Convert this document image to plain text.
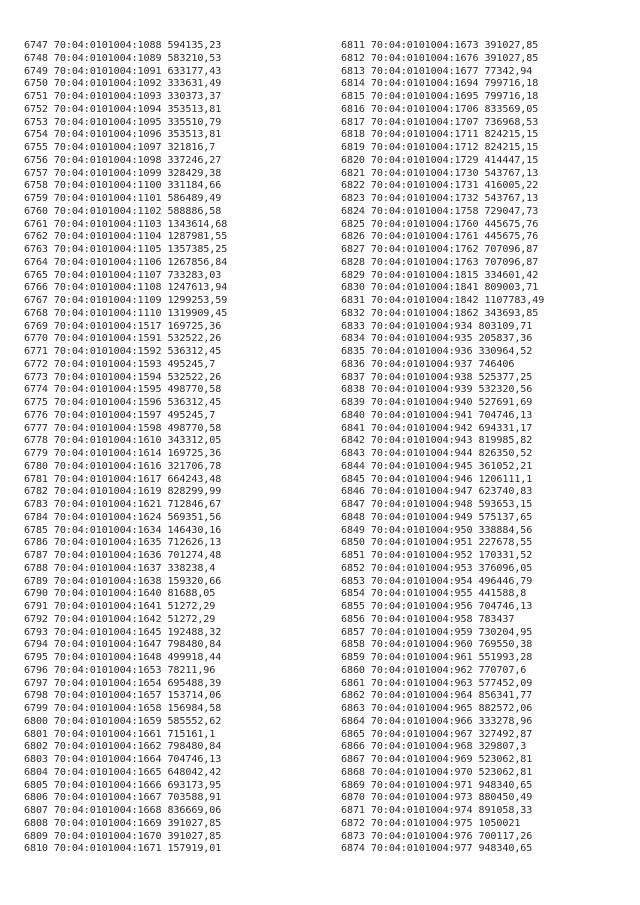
6747 70:04:0101004:1088 594135,23
6748 70:04:0101004:1089 583210,53
6749 70:04:0101004:1091 633177,43
6750 70:04:0101004:1092 333631,49
6751 70:04:0101004:1093 330373,37
6752 70:04:0101004:1094 353513,81
6753 70:04:0101004:1095 335510,79
6754 70:04:0101004:1096 353513,81
6755 70:04:0101004:1097 321816,7
6756 70:04:0101004:1098 337246,27
6757 70:04:0101004:1099 328429,38
6758 70:04:0101004:1100 331184,66
6759 70:04:0101004:1101 586489,49
6760 70:04:0101004:1102 588886,58
6761 70:04:0101004:1103 1343614,68
6762 70:04:0101004:1104 1287981,55
6763 70:04:0101004:1105 1357385,25
6764 70:04:0101004:1106 1267856,84
6765 70:04:0101004:1107 733283,03
6766 70:04:0101004:1108 1247613,94
6767 70:04:0101004:1109 1299253,59
6768 70:04:0101004:1110 1319909,45
6769 70:04:0101004:1517 169725,36
6770 70:04:0101004:1591 532522,26
6771 70:04:0101004:1592 536312,45
6772 70:04:0101004:1593 495245,7
6773 70:04:0101004:1594 532522,26
6774 70:04:0101004:1595 498770,58
6775 70:04:0101004:1596 536312,45
6776 70:04:0101004:1597 495245,7
6777 70:04:0101004:1598 498770,58
6778 70:04:0101004:1610 343312,05
6779 70:04:0101004:1614 169725,36
6780 70:04:0101004:1616 321706,78
6781 70:04:0101004:1617 664243,48
6782 70:04:0101004:1619 828299,99
6783 70:04:0101004:1621 712846,67
6784 70:04:0101004:1624 569351,56
6785 70:04:0101004:1634 146430,16
6786 70:04:0101004:1635 712626,13
6787 70:04:0101004:1636 701274,48
6788 70:04:0101004:1637 338238,4
6789 70:04:0101004:1638 159320,66
6790 70:04:0101004:1640 81688,05
6791 70:04:0101004:1641 51272,29
6792 70:04:0101004:1642 51272,29
6793 70:04:0101004:1645 192488,32
6794 70:04:0101004:1647 798480,84
6795 70:04:0101004:1648 499918,44
6796 70:04:0101004:1653 78211,96
6797 70:04:0101004:1654 695488,39
6798 70:04:0101004:1657 153714,06
6799 70:04:0101004:1658 156984,58
6800 70:04:0101004:1659 585552,62
6801 70:04:0101004:1661 715161,1
6802 70:04:0101004:1662 798480,84
6803 70:04:0101004:1664 704746,13
6804 70:04:0101004:1665 648042,42
6805 70:04:0101004:1666 693173,95
6806 70:04:0101004:1667 703588,91
6807 70:04:0101004:1668 836669,06
6808 70:04:0101004:1669 391027,85
6809 70:04:0101004:1670 391027,85
6810 70:04:0101004:1671 157919,01
6811 70:04:0101004:1673 391027,85
6812 70:04:0101004:1676 391027,85
6813 70:04:0101004:1677 77342,94
6814 70:04:0101004:1694 799716,18
6815 70:04:0101004:1695 799716,18
6816 70:04:0101004:1706 833569,05
6817 70:04:0101004:1707 736968,53
6818 70:04:0101004:1711 824215,15
6819 70:04:0101004:1712 824215,15
6820 70:04:0101004:1729 414447,15
6821 70:04:0101004:1730 543767,13
6822 70:04:0101004:1731 416005,22
6823 70:04:0101004:1732 543767,13
6824 70:04:0101004:1758 729047,73
6825 70:04:0101004:1760 445675,76
6826 70:04:0101004:1761 445675,76
6827 70:04:0101004:1762 707096,87
6828 70:04:0101004:1763 707096,87
6829 70:04:0101004:1815 334601,42
6830 70:04:0101004:1841 809003,71
6831 70:04:0101004:1842 1107783,49
6832 70:04:0101004:1862 343693,85
6833 70:04:0101004:934 803109,71
6834 70:04:0101004:935 205837,36
6835 70:04:0101004:936 330964,52
6836 70:04:0101004:937 746406
6837 70:04:0101004:938 525377,25
6838 70:04:0101004:939 532320,56
6839 70:04:0101004:940 527691,69
6840 70:04:0101004:941 704746,13
6841 70:04:0101004:942 694331,17
6842 70:04:0101004:943 819985,82
6843 70:04:0101004:944 826350,52
6844 70:04:0101004:945 361052,21
6845 70:04:0101004:946 1206111,1
6846 70:04:0101004:947 623740,83
6847 70:04:0101004:948 593653,15
6848 70:04:0101004:949 575137,65
6849 70:04:0101004:950 338884,56
6850 70:04:0101004:951 227678,55
6851 70:04:0101004:952 170331,52
6852 70:04:0101004:953 376096,05
6853 70:04:0101004:954 496446,79
6854 70:04:0101004:955 441588,8
6855 70:04:0101004:956 704746,13
6856 70:04:0101004:958 783437
6857 70:04:0101004:959 730204,95
6858 70:04:0101004:960 769550,38
6859 70:04:0101004:961 551993,28
6860 70:04:0101004:962 770707,6
6861 70:04:0101004:963 577452,09
6862 70:04:0101004:964 856341,77
6863 70:04:0101004:965 882572,06
6864 70:04:0101004:966 333278,96
6865 70:04:0101004:967 327492,87
6866 70:04:0101004:968 329807,3
6867 70:04:0101004:969 523062,81
6868 70:04:0101004:970 523062,81
6869 70:04:0101004:971 948340,65
6870 70:04:0101004:973 880450,49
6871 70:04:0101004:974 891058,33
6872 70:04:0101004:975 1050021
6873 70:04:0101004:976 700117,26
6874 70:04:0101004:977 948340,65
